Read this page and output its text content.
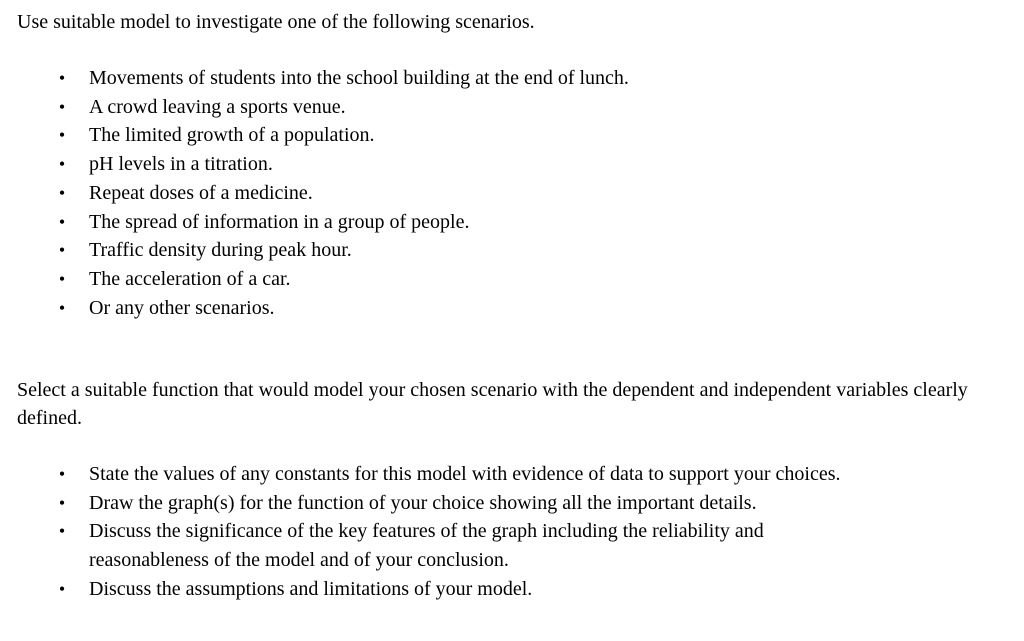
Use suitable model to investigate one of the following scenarios.

• Movements of students into the school building at the end of lunch.
• A crowd leaving a sports venue.
• The limited growth of a population.
• pH levels in a titration.
• Repeat doses of a medicine.
• The spread of information in a group of people.
• Traffic density during peak hour.
• The acceleration of a car.
• Or any other scenarios.

Select a suitable function that would model your chosen scenario with the dependent and independent variables clearly defined.

• State the values of any constants for this model with evidence of data to support your choices.
• Draw the graph(s) for the function of your choice showing all the important details.
• Discuss the significance of the key features of the graph including the reliability and reasonableness of the model and of your conclusion.
• Discuss the assumptions and limitations of your model.
